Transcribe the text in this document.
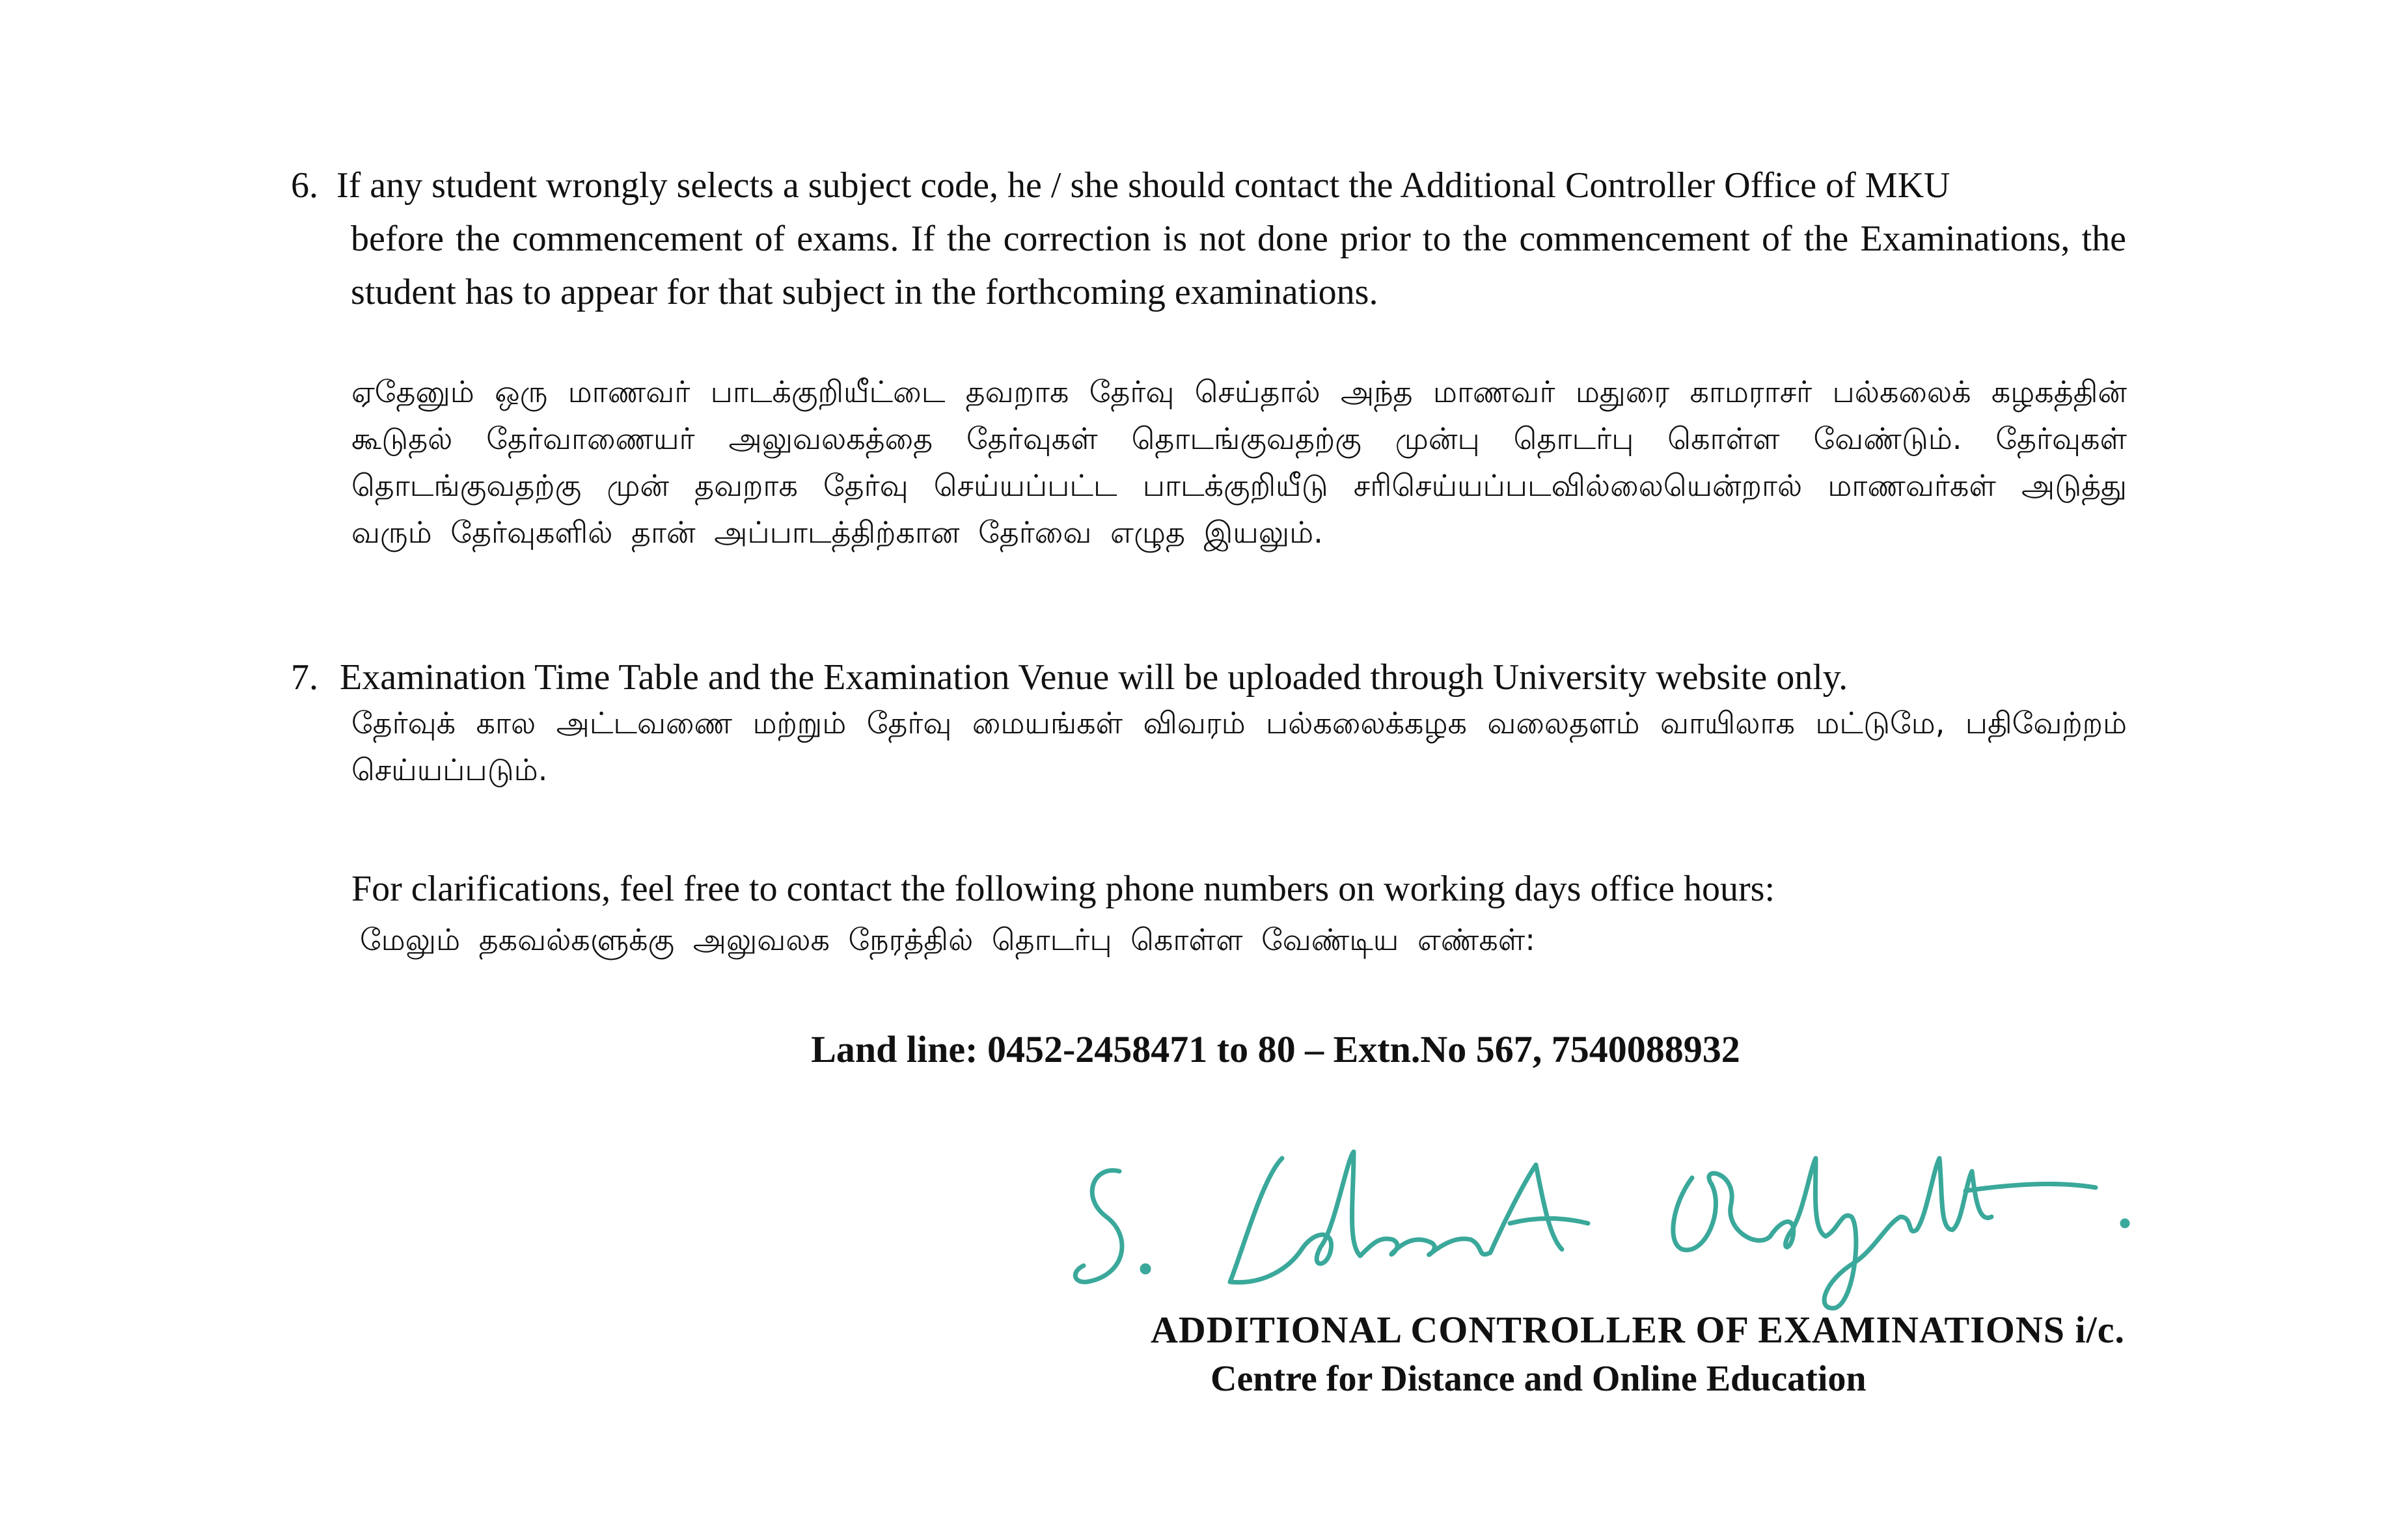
6. If any student wrongly selects a subject code, he / she should contact the Additional Controller Office of MKU
before the commencement of exams. If the correction is not done prior to the commencement of the Examinations, the student has to appear for that subject in the forthcoming examinations.
ஏதேனும் ஒரு மாணவர் பாடக்குறியீட்டை தவறாக தேர்வு செய்தால் அந்த மாணவர் மதுரை காமராசர் பல்கலைக் கழகத்தின் கூடுதல் தேர்வாணையர் அலுவலகத்தை தேர்வுகள் தொடங்குவதற்கு முன்பு தொடர்பு கொள்ள வேண்டும். தேர்வுகள் தொடங்குவதற்கு முன் தவறாக தேர்வு செய்யப்பட்ட பாடக்குறியீடு சரிசெய்யப்படவில்லையென்றால் மாணவர்கள் அடுத்து வரும் தேர்வுகளில் தான் அப்பாடத்திற்கான தேர்வை எழுத இயலும்.
7. Examination Time Table and the Examination Venue will be uploaded through University website only.
தேர்வுக் கால அட்டவணை மற்றும் தேர்வு மையங்கள் விவரம் பல்கலைக்கழக வலைதளம் வாயிலாக மட்டுமே, பதிவேற்றம் செய்யப்படும்.
For clarifications, feel free to contact the following phone numbers on working days office hours:
மேலும் தகவல்களுக்கு அலுவலக நேரத்தில் தொடர்பு கொள்ள வேண்டிய எண்கள்:
Land line: 0452-2458471 to 80 – Extn.No 567, 7540088932
ADDITIONAL CONTROLLER OF EXAMINATIONS i/c.
Centre for Distance and Online Education
